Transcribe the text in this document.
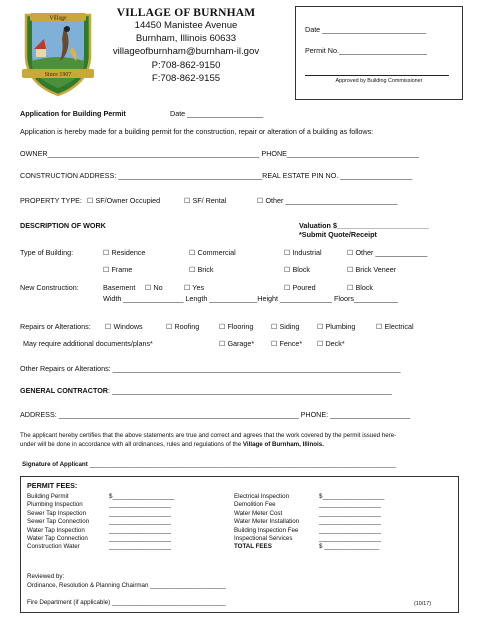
Village
Since 1907
VILLAGE OF BURNHAM
14450 Manistee Avenue
Burnham, Illinois 60633
villageofburnham@burnham-il.gov
P:708-862-9150
F:708-862-9155
Date __________________________
Permit No.______________________
Approved by Building Commissioner
Application for Building Permit	Date ___________________
Application is hereby made for a building permit for the construction, repair or alteration of a building as follows:
OWNER_____________________________________________________ PHONE_________________________________
CONSTRUCTION ADDRESS: ____________________________________REAL ESTATE PIN NO. __________________
PROPERTY TYPE: ☐ SF/Owner Occupied	☐ SF/ Rental	☐ Other ____________________________
DESCRIPTION OF WORK	Valuation $_______________________
*Submit Quote/Receipt
Type of Building:	☐ Residence	☐ Commercial	☐ Industrial	☐ Other _____________
☐ Frame	☐ Brick	☐ Block	☐ Brick Veneer
New Construction:	Basement ☐ No	☐ Yes	☐ Poured	☐ Block
Width _______________ Length ____________Height _____________ Floors___________
Repairs or Alterations: ☐ Windows	☐ Roofing	☐ Flooring ☐ Siding ☐ Plumbing	☐ Electrical
May require additional documents/plans*	☐ Garage* ☐ Fence* ☐ Deck*
Other Repairs or Alterations: ________________________________________________________________________
GENERAL CONTRACTOR: ______________________________________________________________________
ADDRESS: ____________________________________________________________ PHONE: ____________________
The applicant hereby certifies that the above statements are true and correct and agrees that the work covered by the permit issued here-
under will be done in accordance with all ordinances, rules and regulations of the Village of Burnham, Illinois.
Signature of Applicant _________________________________________________________________________________________
PERMIT FEES:
Building Permit	$__________________
Plumbing Inspection	__________________
Sewer Tap Inspection	__________________
Sewer Tap Connection	__________________
Water Tap Inspection	__________________
Water Tap Connection	__________________
Construction Water	__________________
Electrical Inspection	$__________________
Demolition Fee	__________________
Water Meter Cost	__________________
Water Meter Installation	__________________
Building Inspection Fee	__________________
Inspectional Services	__________________
TOTAL FEES	$ ________________
Reviewed by:
Ordinance, Resolution & Planning Chairman ______________________
Fire Department (if applicable) _________________________________	(10/17)
